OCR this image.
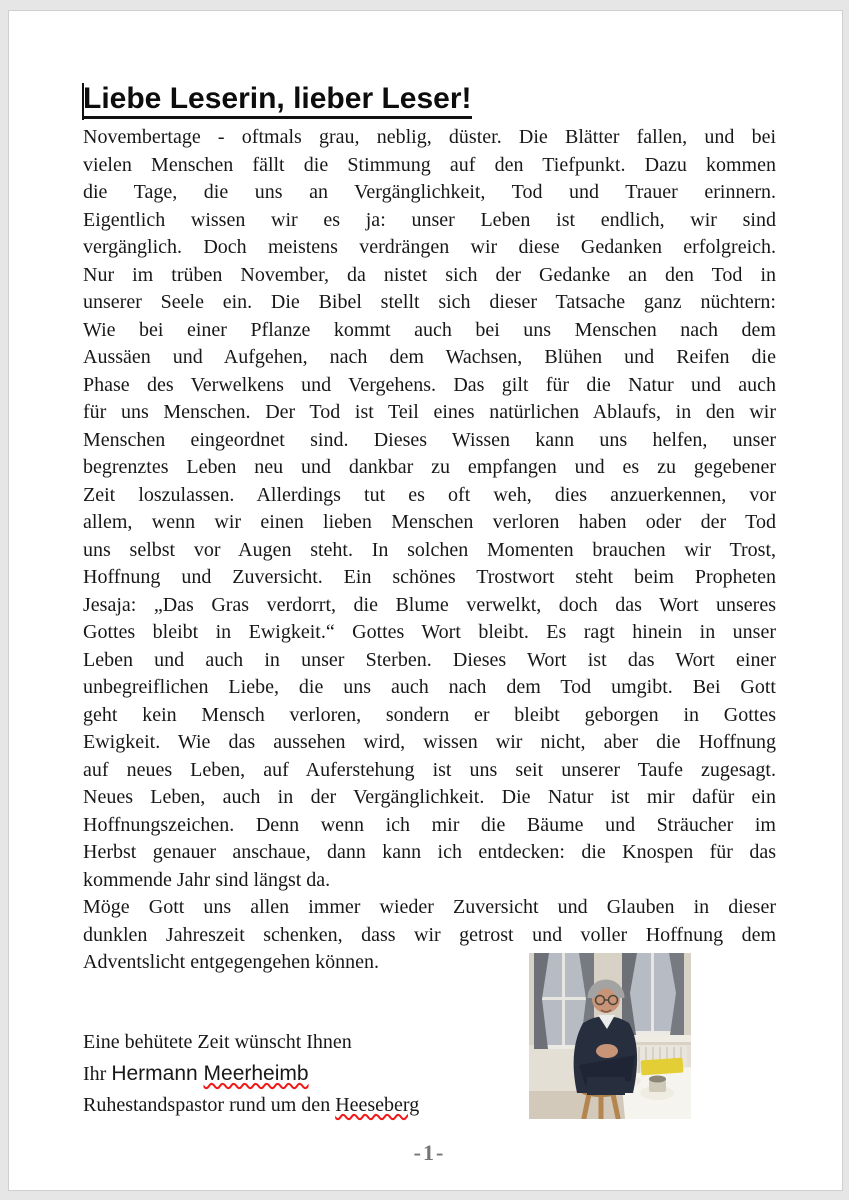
Liebe Leserin, lieber Leser!
Novembertage - oftmals grau, neblig, düster. Die Blätter fallen, und bei
vielen Menschen fällt die Stimmung auf den Tiefpunkt. Dazu kommen
die Tage, die uns an Vergänglichkeit, Tod und Trauer erinnern.
Eigentlich wissen wir es ja: unser Leben ist endlich, wir sind
vergänglich. Doch meistens verdrängen wir diese Gedanken erfolgreich.
Nur im trüben November, da nistet sich der Gedanke an den Tod in
unserer Seele ein. Die Bibel stellt sich dieser Tatsache ganz nüchtern:
Wie bei einer Pflanze kommt auch bei uns Menschen nach dem
Aussäen und Aufgehen, nach dem Wachsen, Blühen und Reifen die
Phase des Verwelkens und Vergehens. Das gilt für die Natur und auch
für uns Menschen. Der Tod ist Teil eines natürlichen Ablaufs, in den wir
Menschen eingeordnet sind. Dieses Wissen kann uns helfen, unser
begrenztes Leben neu und dankbar zu empfangen und es zu gegebener
Zeit loszulassen. Allerdings tut es oft weh, dies anzuerkennen, vor
allem, wenn wir einen lieben Menschen verloren haben oder der Tod
uns selbst vor Augen steht. In solchen Momenten brauchen wir Trost,
Hoffnung und Zuversicht. Ein schönes Trostwort steht beim Propheten
Jesaja: „Das Gras verdorrt, die Blume verwelkt, doch das Wort unseres
Gottes bleibt in Ewigkeit.“ Gottes Wort bleibt. Es ragt hinein in unser
Leben und auch in unser Sterben. Dieses Wort ist das Wort einer
unbegreiflichen Liebe, die uns auch nach dem Tod umgibt. Bei Gott
geht kein Mensch verloren, sondern er bleibt geborgen in Gottes
Ewigkeit. Wie das aussehen wird, wissen wir nicht, aber die Hoffnung
auf neues Leben, auf Auferstehung ist uns seit unserer Taufe zugesagt.
Neues Leben, auch in der Vergänglichkeit. Die Natur ist mir dafür ein
Hoffnungszeichen. Denn wenn ich mir die Bäume und Sträucher im
Herbst genauer anschaue, dann kann ich entdecken: die Knospen für das
kommende Jahr sind längst da.
Möge Gott uns allen immer wieder Zuversicht und Glauben in dieser
dunklen Jahreszeit schenken, dass wir getrost und voller Hoffnung dem
Adventslicht entgegengehen können.
Eine behütete Zeit wünscht Ihnen
Ihr Hermann Meerheimb
Ruhestandspastor rund um den Heeseberg
-1-
